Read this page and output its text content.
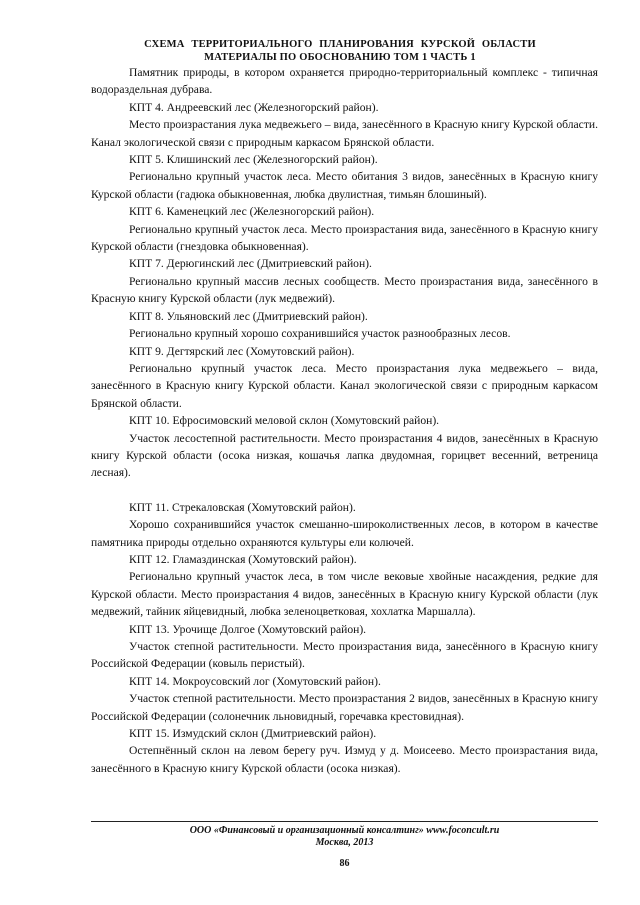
СХЕМА ТЕРРИТОРИАЛЬНОГО ПЛАНИРОВАНИЯ КУРСКОЙ ОБЛАСТИ
МАТЕРИАЛЫ ПО ОБОСНОВАНИЮ ТОМ 1 ЧАСТЬ 1

Памятник природы, в котором охраняется природно-территориальный комплекс - типичная водораздельная дубрава.

КПТ 4. Андреевский лес (Железногорский район).

Место произрастания лука медвежьего – вида, занесённого в Красную книгу Курской области. Канал экологической связи с природным каркасом Брянской области.

КПТ 5. Клишинский лес (Железногорский район).

Регионально крупный участок леса. Место обитания 3 видов, занесённых в Красную книгу Курской области (гадюка обыкновенная, любка двулистная, тимьян блошиный).

КПТ 6. Каменецкий лес (Железногорский район).

Регионально крупный участок леса. Место произрастания вида, занесённого в Красную книгу Курской области (гнездовка обыкновенная).

КПТ 7. Дерюгинский лес (Дмитриевский район).

Регионально крупный массив лесных сообществ. Место произрастания вида, занесённого в Красную книгу Курской области (лук медвежий).

КПТ 8. Ульяновский лес (Дмитриевский район).

Регионально крупный хорошо сохранившийся участок разнообразных лесов.

КПТ 9. Дегтярский лес (Хомутовский район).

Регионально крупный участок леса. Место произрастания лука медвежьего – вида, занесённого в Красную книгу Курской области. Канал экологической связи с природным каркасом Брянской области.

КПТ 10. Ефросимовский меловой склон (Хомутовский район).

Участок лесостепной растительности. Место произрастания 4 видов, занесённых в Красную книгу Курской области (осока низкая, кошачья лапка двудомная, горицвет весенний, ветреница лесная).

КПТ 11. Стрекаловская (Хомутовский район).

Хорошо сохранившийся участок смешанно-широколиственных лесов, в котором в качестве памятника природы отдельно охраняются культуры ели колючей.

КПТ 12. Гламаздинская (Хомутовский район).

Регионально крупный участок леса, в том числе вековые хвойные насаждения, редкие для Курской области. Место произрастания 4 видов, занесённых в Красную книгу Курской области (лук медвежий, тайник яйцевидный, любка зеленоцветковая, хохлатка Маршалла).

КПТ 13. Урочище Долгое (Хомутовский район).

Участок степной растительности. Место произрастания вида, занесённого в Красную книгу Российской Федерации (ковыль перистый).

КПТ 14. Мокроусовский лог (Хомутовский район).

Участок степной растительности. Место произрастания 2 видов, занесённых в Красную книгу Российской Федерации (солонечник льновидный, горечавка крестовидная).

КПТ 15. Измудский склон (Дмитриевский район).

Остепнённый склон на левом берегу руч. Измуд у д. Моисеево. Место произрастания вида, занесённого в Красную книгу Курской области (осока низкая).

ООО «Финансовый и организационный консалтинг» www.foconcult.ru
Москва, 2013
86
